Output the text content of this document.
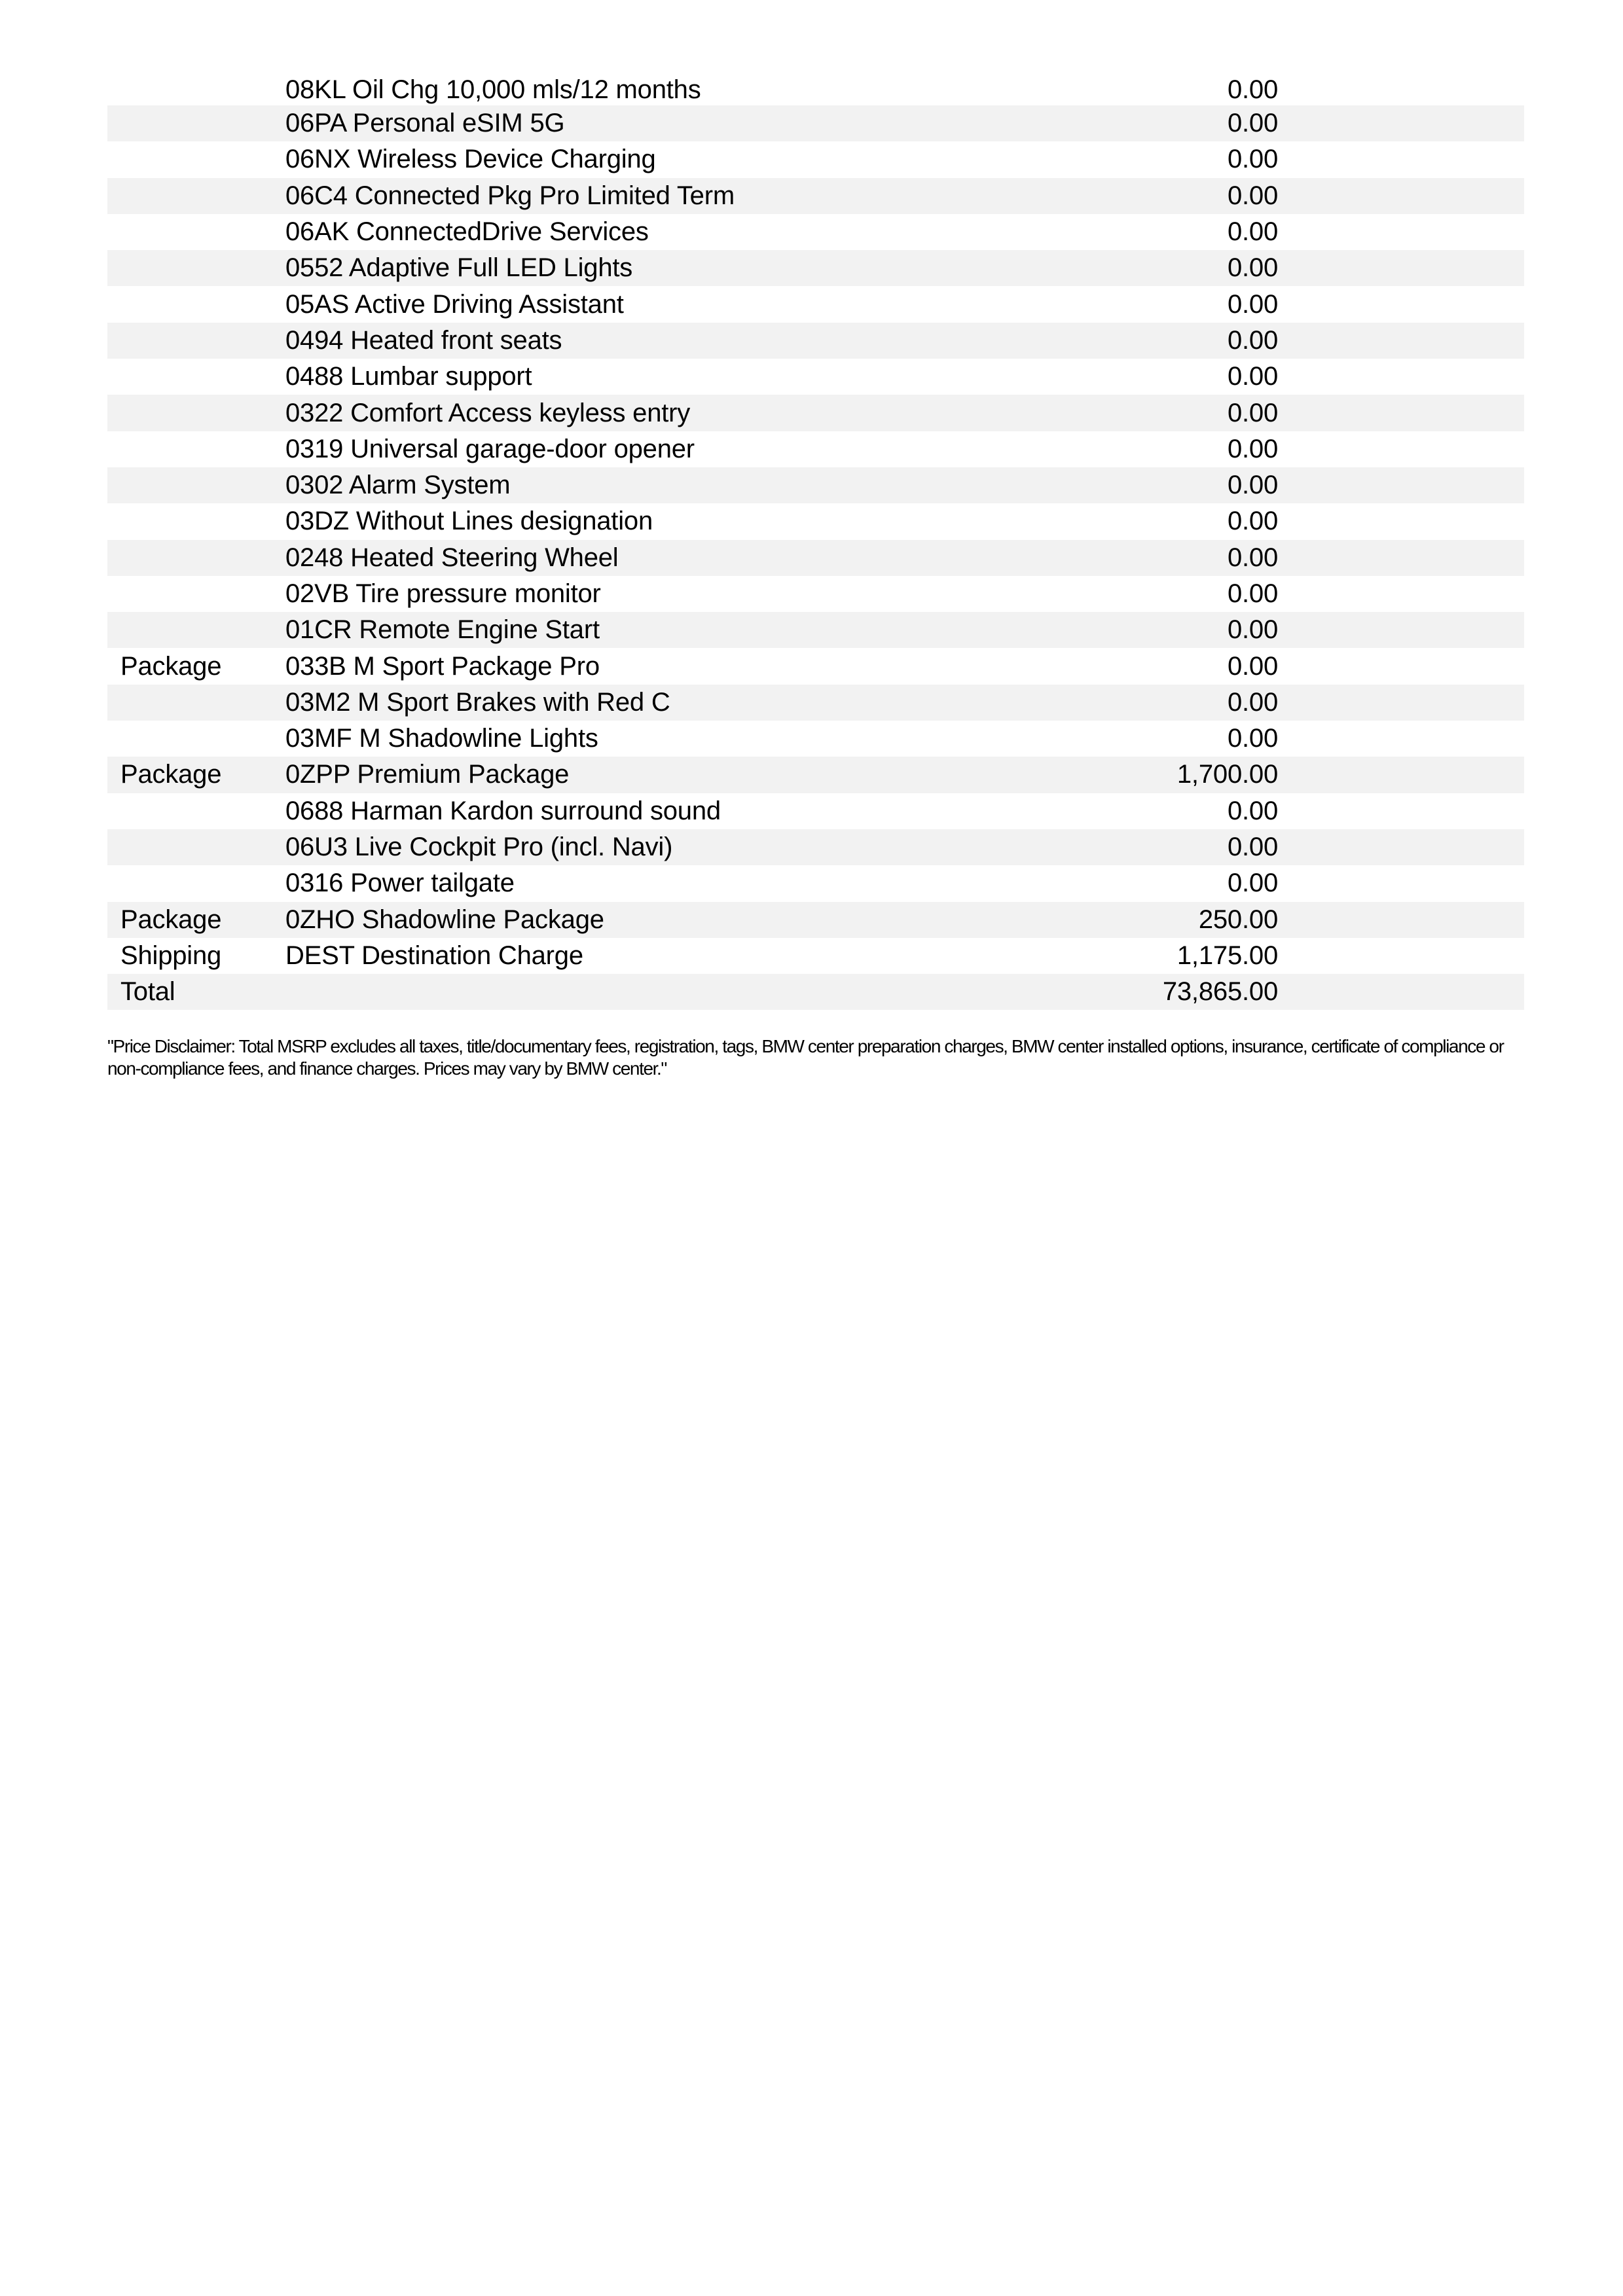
08KL Oil Chg 10,000 mls/12 months	0.00
06PA Personal eSIM 5G	0.00
06NX Wireless Device Charging	0.00
06C4 Connected Pkg Pro Limited Term	0.00
06AK ConnectedDrive Services	0.00
0552 Adaptive Full LED Lights	0.00
05AS Active Driving Assistant	0.00
0494 Heated front seats	0.00
0488 Lumbar support	0.00
0322 Comfort Access keyless entry	0.00
0319 Universal garage-door opener	0.00
0302 Alarm System	0.00
03DZ Without Lines designation	0.00
0248 Heated Steering Wheel	0.00
02VB Tire pressure monitor	0.00
01CR Remote Engine Start	0.00
Package	033B M Sport Package Pro	0.00
03M2 M Sport Brakes with Red C	0.00
03MF M Shadowline Lights	0.00
Package	0ZPP Premium Package	1,700.00
0688 Harman Kardon surround sound	0.00
06U3 Live Cockpit Pro (incl. Navi)	0.00
0316 Power tailgate	0.00
Package	0ZHO Shadowline Package	250.00
Shipping	DEST Destination Charge	1,175.00
Total	73,865.00
"Price Disclaimer: Total MSRP excludes all taxes, title/documentary fees, registration, tags, BMW center preparation charges, BMW center installed options, insurance, certificate of compliance or non-compliance fees, and finance charges. Prices may vary by BMW center."
